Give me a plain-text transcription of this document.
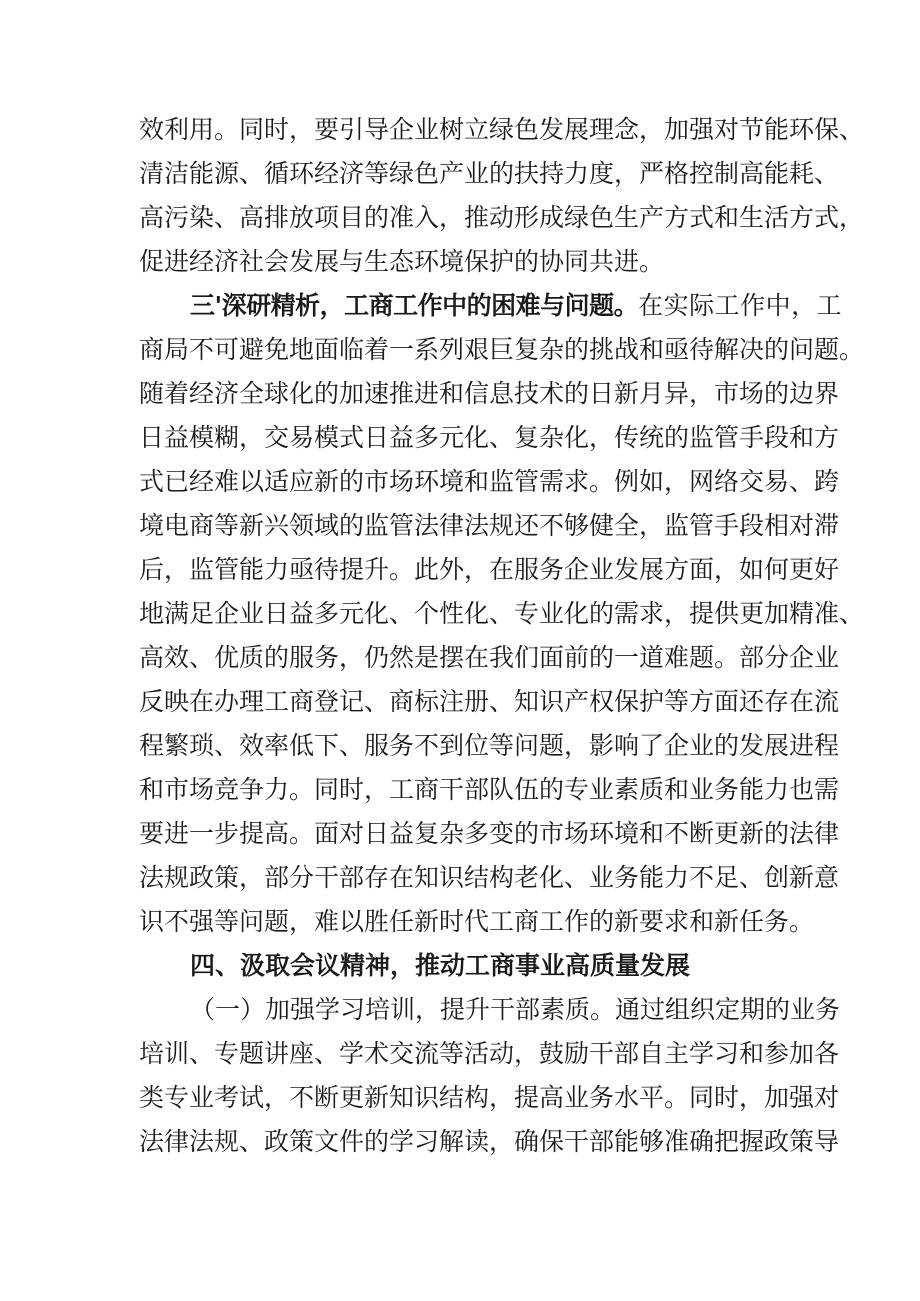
效利用。同时，要引导企业树立绿色发展理念，加强对节能环保、
清洁能源、循环经济等绿色产业的扶持力度，严格控制高能耗、
高污染、高排放项目的准入，推动形成绿色生产方式和生活方式，
促进经济社会发展与生态环境保护的协同共进。
三'深研精析，工商工作中的困难与问题。在实际工作中，工
商局不可避免地面临着一系列艰巨复杂的挑战和亟待解决的问题。
随着经济全球化的加速推进和信息技术的日新月异，市场的边界
日益模糊，交易模式日益多元化、复杂化，传统的监管手段和方
式已经难以适应新的市场环境和监管需求。例如，网络交易、跨
境电商等新兴领域的监管法律法规还不够健全，监管手段相对滞
后，监管能力亟待提升。此外，在服务企业发展方面，如何更好
地满足企业日益多元化、个性化、专业化的需求，提供更加精准、
高效、优质的服务，仍然是摆在我们面前的一道难题。部分企业
反映在办理工商登记、商标注册、知识产权保护等方面还存在流
程繁琐、效率低下、服务不到位等问题，影响了企业的发展进程
和市场竞争力。同时，工商干部队伍的专业素质和业务能力也需
要进一步提高。面对日益复杂多变的市场环境和不断更新的法律
法规政策，部分干部存在知识结构老化、业务能力不足、创新意
识不强等问题，难以胜任新时代工商工作的新要求和新任务。
四、汲取会议精神，推动工商事业高质量发展
（一）加强学习培训，提升干部素质。通过组织定期的业务
培训、专题讲座、学术交流等活动，鼓励干部自主学习和参加各
类专业考试，不断更新知识结构，提高业务水平。同时，加强对
法律法规、政策文件的学习解读，确保干部能够准确把握政策导
